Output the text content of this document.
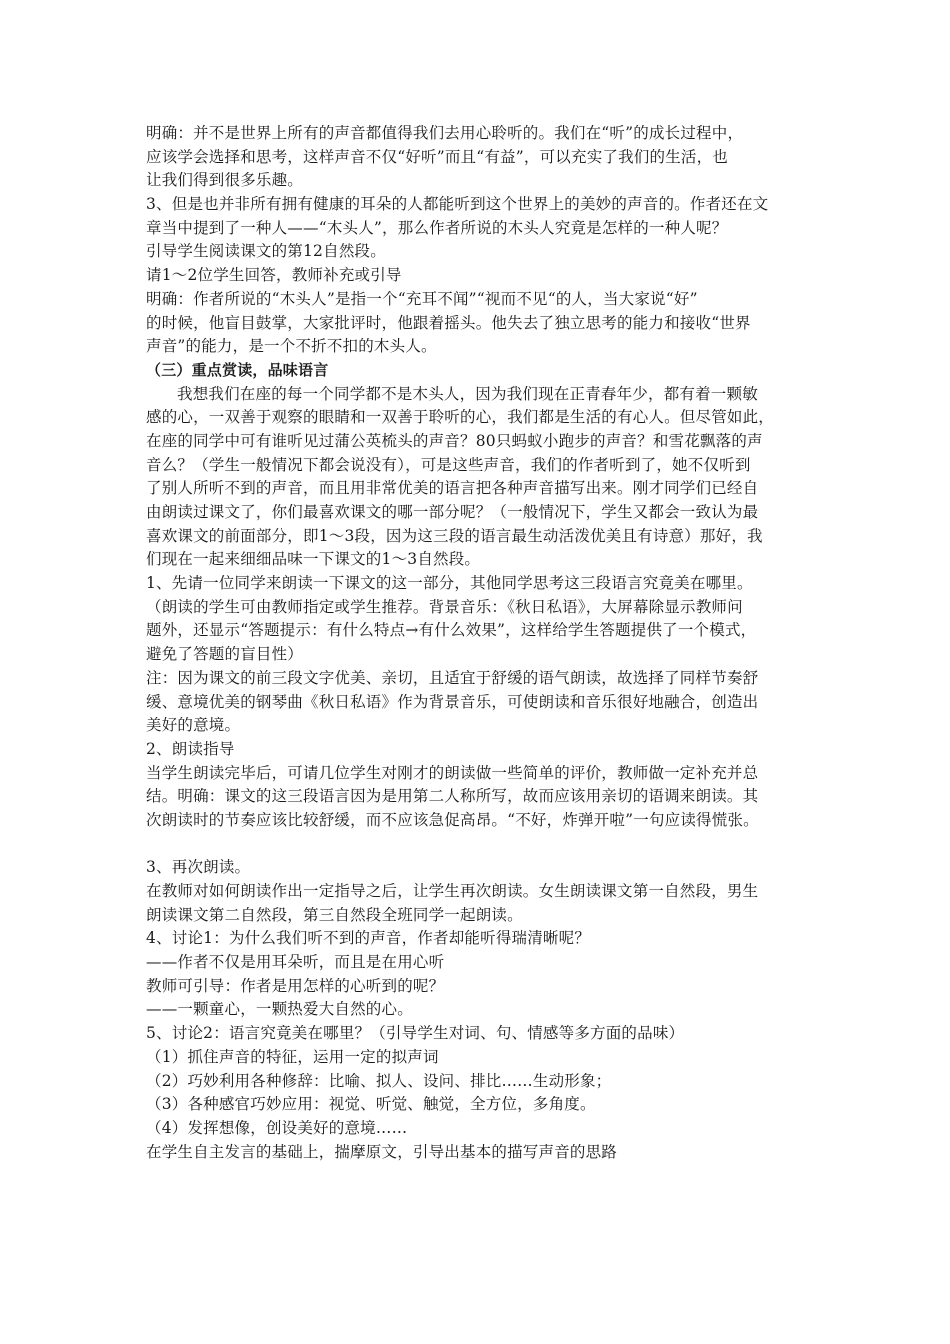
明确：并不是世界上所有的声音都值得我们去用心聆听的。我们在“听”的成长过程中，
应该学会选择和思考，这样声音不仅“好听”而且“有益”，可以充实了我们的生活，也
让我们得到很多乐趣。
3、但是也并非所有拥有健康的耳朵的人都能听到这个世界上的美妙的声音的。作者还在文
章当中提到了一种人——“木头人”，那么作者所说的木头人究竟是怎样的一种人呢？
引导学生阅读课文的第12自然段。
请1～2位学生回答，教师补充或引导
明确：作者所说的“木头人”是指一个“充耳不闻”“视而不见“的人，当大家说“好”
的时候，他盲目鼓掌，大家批评时，他跟着摇头。他失去了独立思考的能力和接收“世界
声音”的能力，是一个不折不扣的木头人。
（三）重点赏读，品味语言
我想我们在座的每一个同学都不是木头人，因为我们现在正青春年少，都有着一颗敏
感的心，一双善于观察的眼睛和一双善于聆听的心，我们都是生活的有心人。但尽管如此，
在座的同学中可有谁听见过蒲公英梳头的声音？80只蚂蚁小跑步的声音？和雪花飘落的声
音么？（学生一般情况下都会说没有），可是这些声音，我们的作者听到了，她不仅听到
了别人所听不到的声音，而且用非常优美的语言把各种声音描写出来。刚才同学们已经自
由朗读过课文了，你们最喜欢课文的哪一部分呢？（一般情况下，学生又都会一致认为最
喜欢课文的前面部分，即1～3段，因为这三段的语言最生动活泼优美且有诗意）那好，我
们现在一起来细细品味一下课文的1～3自然段。
1、先请一位同学来朗读一下课文的这一部分，其他同学思考这三段语言究竟美在哪里。
（朗读的学生可由教师指定或学生推荐。背景音乐：《秋日私语》，大屏幕除显示教师问
题外，还显示“答题提示：有什么特点→有什么效果”，这样给学生答题提供了一个模式，
避免了答题的盲目性）
注：因为课文的前三段文字优美、亲切，且适宜于舒缓的语气朗读，故选择了同样节奏舒
缓、意境优美的钢琴曲《秋日私语》作为背景音乐，可使朗读和音乐很好地融合，创造出
美好的意境。
2、朗读指导
当学生朗读完毕后，可请几位学生对刚才的朗读做一些简单的评价，教师做一定补充并总
结。明确：课文的这三段语言因为是用第二人称所写，故而应该用亲切的语调来朗读。其
次朗读时的节奏应该比较舒缓，而不应该急促高昂。“不好，炸弹开啦”一句应读得慌张。
3、再次朗读。
在教师对如何朗读作出一定指导之后，让学生再次朗读。女生朗读课文第一自然段，男生
朗读课文第二自然段，第三自然段全班同学一起朗读。
4、讨论1：为什么我们听不到的声音，作者却能听得瑞清晰呢？
——作者不仅是用耳朵听，而且是在用心听
教师可引导：作者是用怎样的心听到的呢？
——一颗童心，一颗热爱大自然的心。
5、讨论2：语言究竟美在哪里？（引导学生对词、句、情感等多方面的品味）
（1）抓住声音的特征，运用一定的拟声词
（2）巧妙利用各种修辞：比喻、拟人、设问、排比……生动形象；
（3）各种感官巧妙应用：视觉、听觉、触觉，全方位，多角度。
（4）发挥想像，创设美好的意境……
在学生自主发言的基础上，揣摩原文，引导出基本的描写声音的思路
